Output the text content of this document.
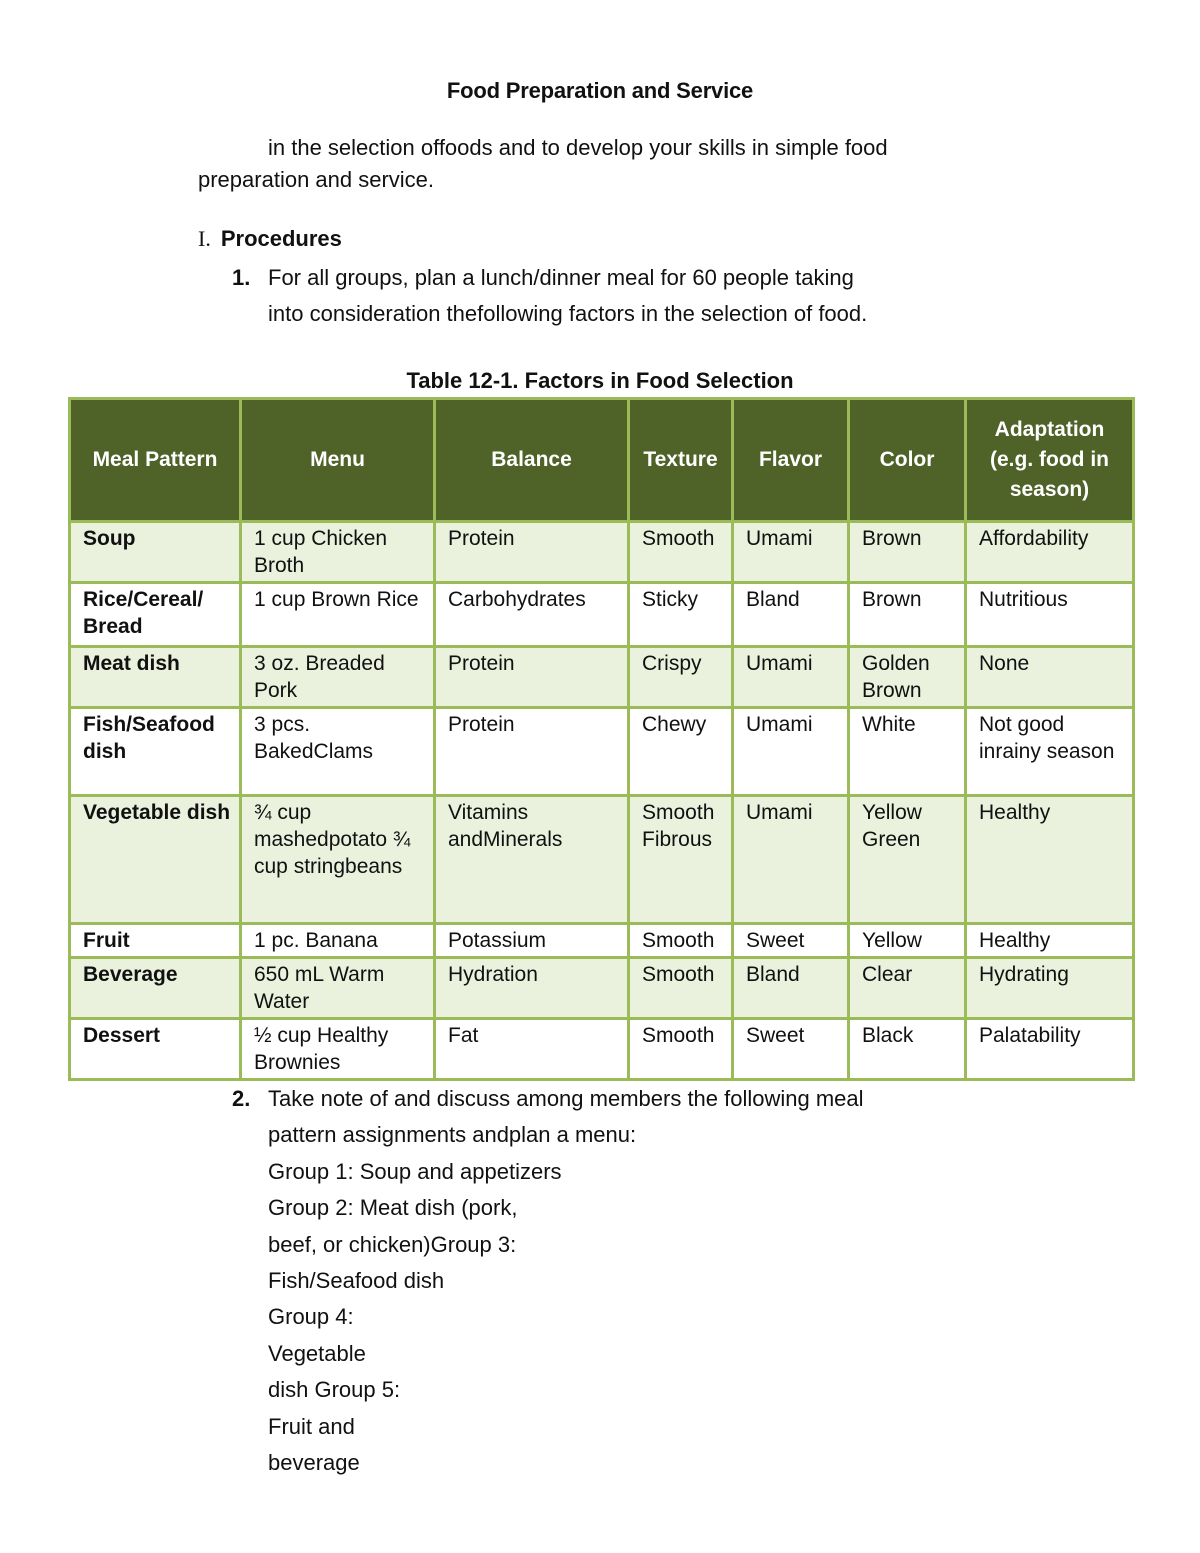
Food Preparation and Service
in the selection offoods and to develop your skills in simple food
preparation and service.
I. Procedures
1. For all groups, plan a lunch/dinner meal for 60 people taking
into consideration thefollowing factors in the selection of food.
Table 12-1. Factors in Food Selection
Meal Pattern	Menu	Balance	Texture	Flavor	Color	Adaptation (e.g. food in season)
Soup	1 cup Chicken Broth	Protein	Smooth	Umami	Brown	Affordability
Rice/Cereal/ Bread	1 cup Brown Rice	Carbohydrates	Sticky	Bland	Brown	Nutritious
Meat dish	3 oz. Breaded Pork	Protein	Crispy	Umami	Golden Brown	None
Fish/Seafood dish	3 pcs. BakedClams	Protein	Chewy	Umami	White	Not good inrainy season
Vegetable dish	¾ cup mashedpotato ¾ cup stringbeans	Vitamins andMinerals	Smooth Fibrous	Umami	Yellow Green	Healthy
Fruit	1 pc. Banana	Potassium	Smooth	Sweet	Yellow	Healthy
Beverage	650 mL Warm Water	Hydration	Smooth	Bland	Clear	Hydrating
Dessert	½ cup Healthy Brownies	Fat	Smooth	Sweet	Black	Palatability
2. Take note of and discuss among members the following meal
pattern assignments andplan a menu:
Group 1: Soup and appetizers
Group 2: Meat dish (pork,
beef, or chicken)Group 3:
Fish/Seafood dish
Group 4:
Vegetable
dish Group 5:
Fruit and
beverage
